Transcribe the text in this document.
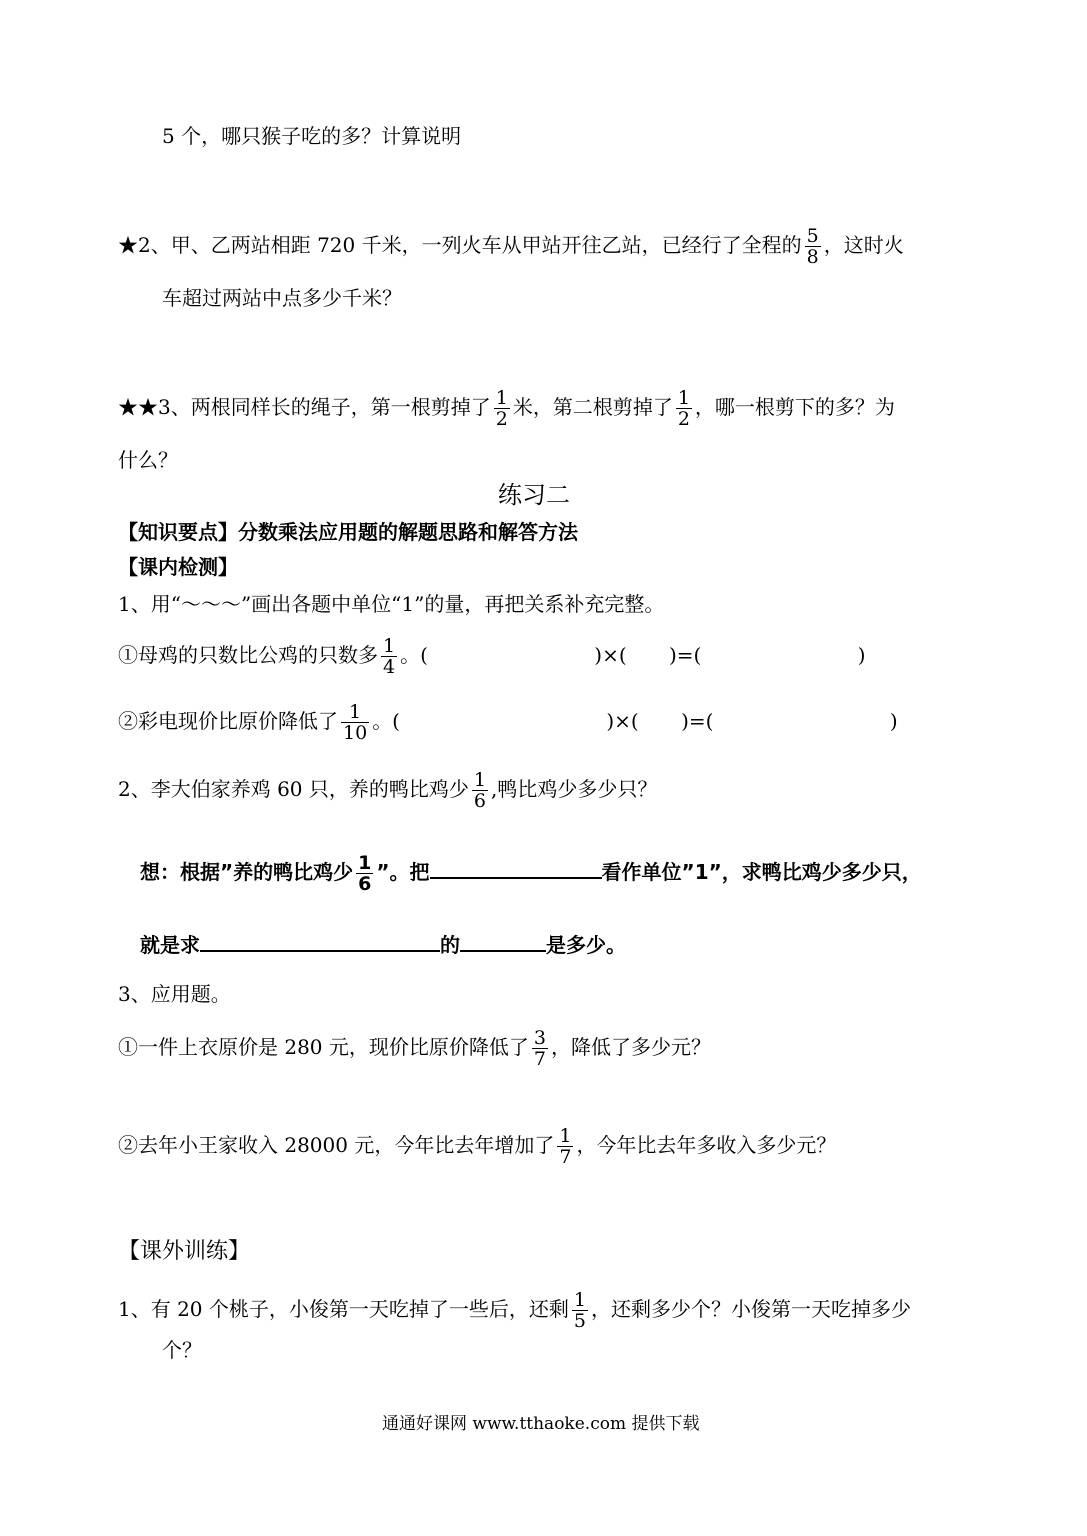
5 个，哪只猴子吃的多？计算说明
★2、甲、乙两站相距 720 千米，一列火车从甲站开往乙站，已经行了全程的 $\frac{5}{8}$ ，这时火
车超过两站中点多少千米？
★★3、两根同样长的绳子，第一根剪掉了 $\frac{1}{2}$ 米，第二根剪掉了 $\frac{1}{2}$ ，哪一根剪下的多？为
什么？
练习二
【知识要点】分数乘法应用题的解题思路和解答方法
【课内检测】
1、用“～～～”画出各题中单位“1”的量，再把关系补充完整。
①母鸡的只数比公鸡的只数多 $\frac{1}{4}$ 。(	)×( )=(	)
②彩电现价比原价降低了 $\frac{1}{10}$ 。(	)×( )=(	)
2、李大伯家养鸡 60 只，养的鸭比鸡少 $\frac{1}{6}$ ,鸭比鸡少多少只？
想：根据”养的鸭比鸡少 $\frac{1}{6}$ ”。把	看作单位”1”，求鸭比鸡少多少只，
就是求	的	是多少。
3、应用题。
①一件上衣原价是 280 元，现价比原价降低了 $\frac{3}{7}$ ，降低了多少元？
②去年小王家收入 28000 元，今年比去年增加了 $\frac{1}{7}$ ，今年比去年多收入多少元？
【课外训练】
1、有 20 个桃子，小俊第一天吃掉了一些后，还剩 $\frac{1}{5}$ ，还剩多少个？小俊第一天吃掉多少
个？
通通好课网 www.tthaoke.com 提供下载
